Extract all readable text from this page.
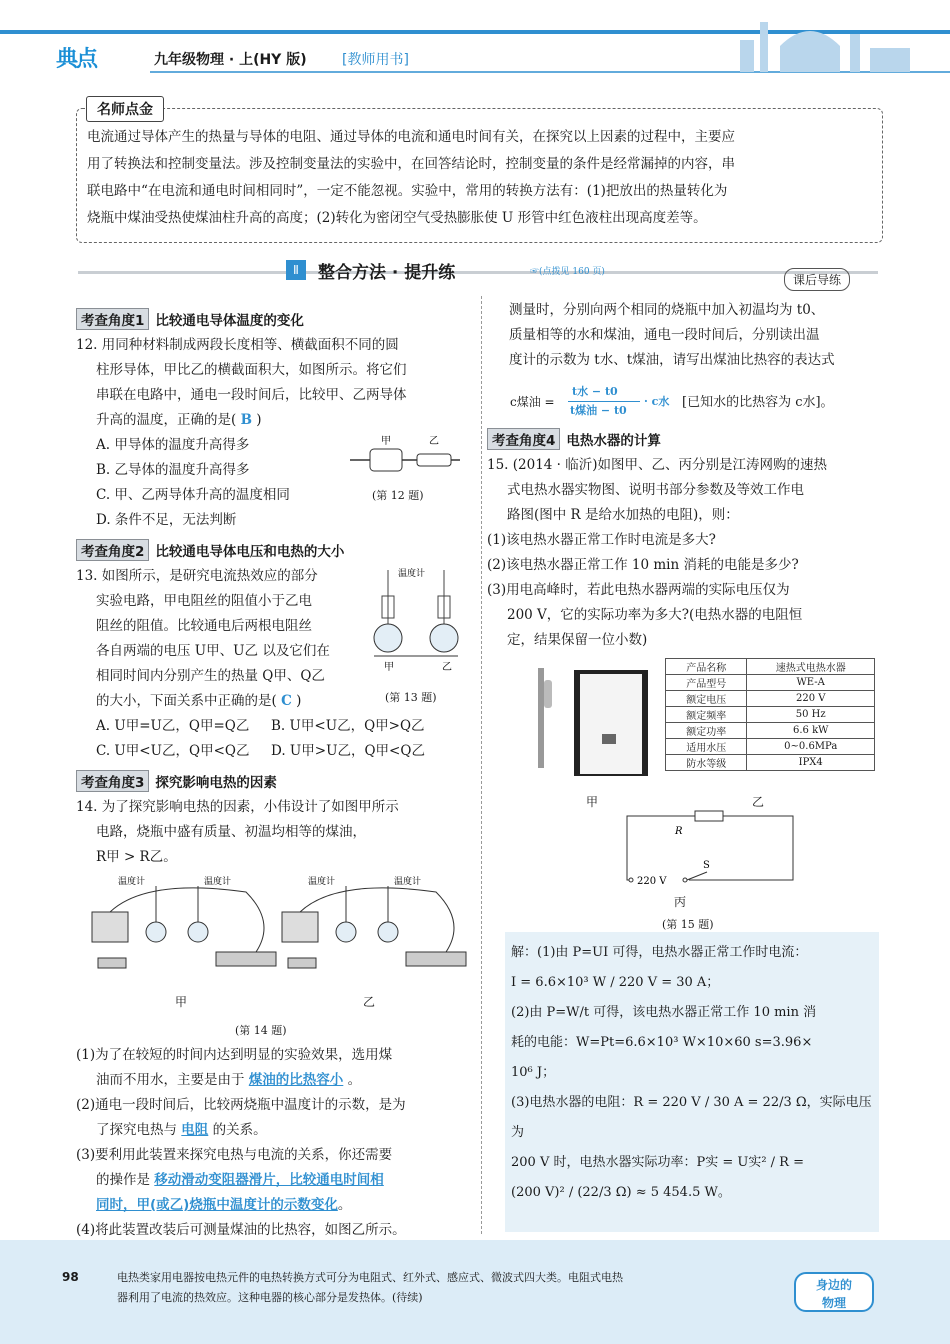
典点	九年级物理 · 上(HY 版)	[教师用书]
名师点金
电流通过导体产生的热量与导体的电阻、通过导体的电流和通电时间有关，在探究以上因素的过程中，主要应
用了转换法和控制变量法。涉及控制变量法的实验中，在回答结论时，控制变量的条件是经常漏掉的内容，串
联电路中“在电流和通电时间相同时”，一定不能忽视。实验中，常用的转换方法有：(1)把放出的热量转化为
烧瓶中煤油受热使煤油柱升高的高度；(2)转化为密闭空气受热膨胀使 U 形管中红色液柱出现高度差等。
Ⅱ	整合方法 · 提升练	☞(点拨见 160 页)
课后导练
考查角度1 比较通电导体温度的变化
12. 用同种材料制成两段长度相等、横截面积不同的圆
柱形导体，甲比乙的横截面积大，如图所示。将它们
串联在电路中，通电一段时间后，比较甲、乙两导体
升高的温度，正确的是( B )
A. 甲导体的温度升高得多
B. 乙导体的温度升高得多
C. 甲、乙两导体升高的温度相同
D. 条件不足，无法判断
甲	乙
(第 12 题)
考查角度2 比较通电导体电压和电热的大小
13. 如图所示，是研究电流热效应的部分
实验电路，甲电阻丝的阻值小于乙电
阻丝的阻值。比较通电后两根电阻丝
各自两端的电压 U甲、U乙 以及它们在
相同时间内分别产生的热量 Q甲、Q乙
的大小，下面关系中正确的是( C )
A. U甲=U乙，Q甲=Q乙 B. U甲<U乙，Q甲>Q乙
C. U甲<U乙，Q甲<Q乙 D. U甲>U乙，Q甲<Q乙
温度计
甲	乙
(第 13 题)
考查角度3 探究影响电热的因素
14. 为了探究影响电热的因素，小伟设计了如图甲所示
电路，烧瓶中盛有质量、初温均相等的煤油，
R甲 > R乙。
温度计	温度计	温度计	温度计
甲	乙
(第 14 题)
(1)为了在较短的时间内达到明显的实验效果，选用煤
油而不用水，主要是由于 煤油的比热容小 。
(2)通电一段时间后，比较两烧瓶中温度计的示数，是为
了探究电热与 电阻 的关系。
(3)要利用此装置来探究电热与电流的关系，你还需要
的操作是 移动滑动变阻器滑片，比较通电时间相
同时，甲(或乙)烧瓶中温度计的示数变化。
(4)将此装置改装后可测量煤油的比热容，如图乙所示。
测量时，分别向两个相同的烧瓶中加入初温均为 t0、
质量相等的水和煤油，通电一段时间后，分别读出温
度计的示数为 t水、t煤油，请写出煤油比热容的表达式
c煤油 =
t水 − t0
t煤油 − t0
· c水 [已知水的比热容为 c水]。
考查角度4 电热水器的计算
15. (2014 · 临沂)如图甲、乙、丙分别是江涛网购的速热
式电热水器实物图、说明书部分参数及等效工作电
路图(图中 R 是给水加热的电阻)，则：
(1)该电热水器正常工作时电流是多大?
(2)该电热水器正常工作 10 min 消耗的电能是多少?
(3)用电高峰时，若此电热水器两端的实际电压仅为
200 V，它的实际功率为多大?(电热水器的电阻恒
定，结果保留一位小数)
产品名称	速热式电热水器
产品型号	WE-A
额定电压	220 V
额定频率	50 Hz
额定功率	6.6 kW
适用水压	0~0.6MPa
防水等级	IPX4
甲	乙
R
220 V
S
丙
(第 15 题)
解：(1)由 P=UI 可得，电热水器正常工作时电流：
I = 6.6×10³ W / 220 V = 30 A；
(2)由 P=W/t 可得，该电热水器正常工作 10 min 消
耗的电能：W=Pt=6.6×10³ W×10×60 s=3.96×
10⁶ J；
(3)电热水器的电阻：R = 220 V / 30 A = 22/3 Ω，实际电压为
200 V 时，电热水器实际功率：P实 = U实² / R =
(200 V)² / (22/3 Ω) ≈ 5 454.5 W。
98	电热类家用电器按电热元件的电热转换方式可分为电阻式、红外式、感应式、微波式四大类。电阻式电热
器利用了电流的热效应。这种电器的核心部分是发热体。(待续)
身边的
物理
